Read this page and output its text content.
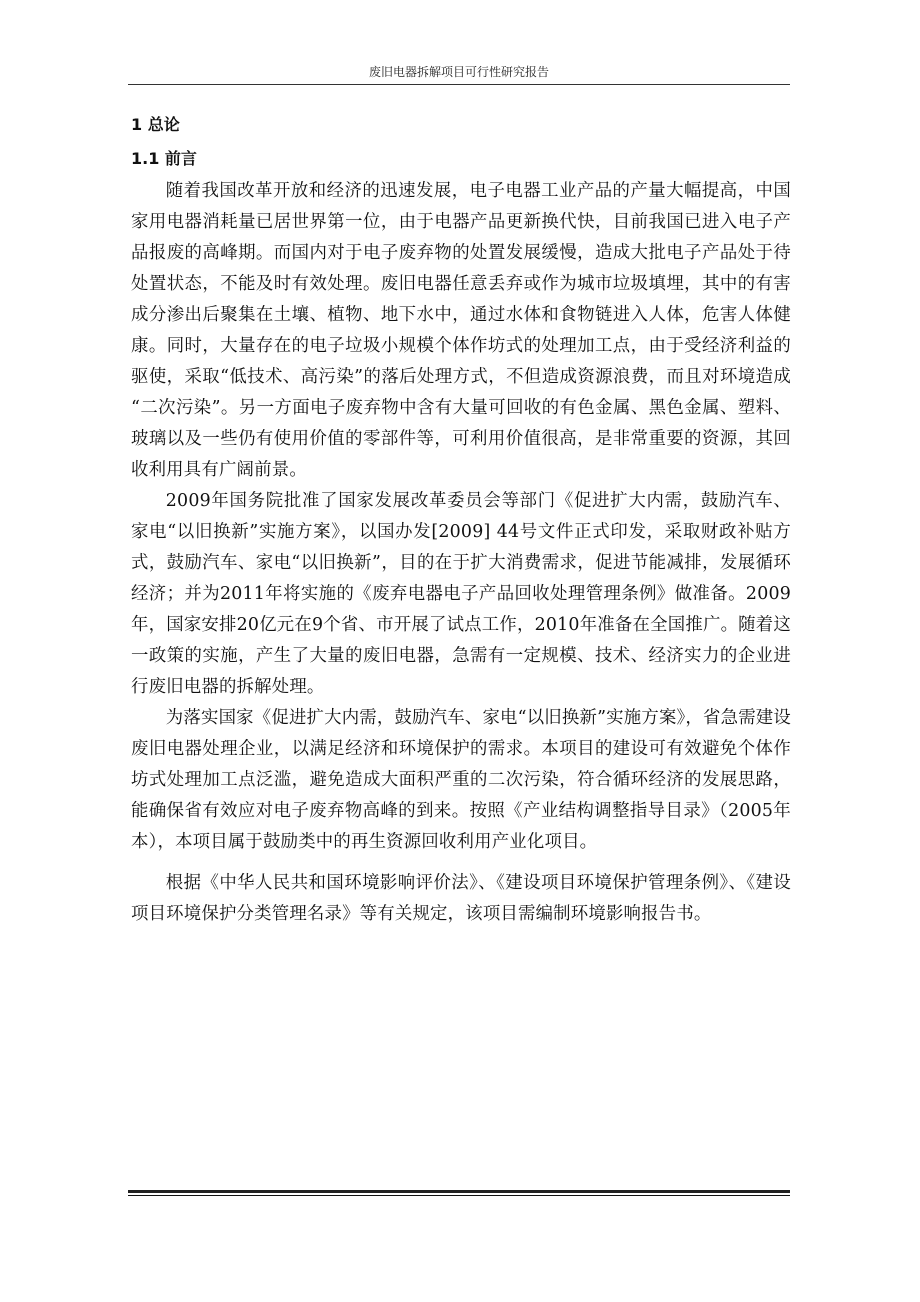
废旧电器拆解项目可行性研究报告

1 总论

1.1 前言

随着我国改革开放和经济的迅速发展，电子电器工业产品的产量大幅提高，中国家用电器消耗量已居世界第一位，由于电器产品更新换代快，目前我国已进入电子产品报废的高峰期。而国内对于电子废弃物的处置发展缓慢，造成大批电子产品处于待处置状态，不能及时有效处理。废旧电器任意丢弃或作为城市垃圾填埋，其中的有害成分渗出后聚集在土壤、植物、地下水中，通过水体和食物链进入人体，危害人体健康。同时，大量存在的电子垃圾小规模个体作坊式的处理加工点，由于受经济利益的驱使，采取“低技术、高污染”的落后处理方式，不但造成资源浪费，而且对环境造成 “二次污染”。另一方面电子废弃物中含有大量可回收的有色金属、黑色金属、塑料、玻璃以及一些仍有使用价值的零部件等，可利用价值很高，是非常重要的资源，其回收利用具有广阔前景。

2009年国务院批准了国家发展改革委员会等部门《促进扩大内需，鼓励汽车、家电“以旧换新”实施方案》，以国办发[2009] 44号文件正式印发，采取财政补贴方式，鼓励汽车、家电“以旧换新”，目的在于扩大消费需求，促进节能减排，发展循环经济；并为2011年将实施的《废弃电器电子产品回收处理管理条例》做准备。2009年，国家安排20亿元在9个省、市开展了试点工作，2010年准备在全国推广。随着这一政策的实施，产生了大量的废旧电器，急需有一定规模、技术、经济实力的企业进行废旧电器的拆解处理。

为落实国家《促进扩大内需，鼓励汽车、家电“以旧换新”实施方案》，省急需建设废旧电器处理企业，以满足经济和环境保护的需求。本项目的建设可有效避免个体作坊式处理加工点泛滥，避免造成大面积严重的二次污染，符合循环经济的发展思路，能确保省有效应对电子废弃物高峰的到来。按照《产业结构调整指导目录》（2005年本），本项目属于鼓励类中的再生资源回收利用产业化项目。

根据《中华人民共和国环境影响评价法》、《建设项目环境保护管理条例》、《建设项目环境保护分类管理名录》等有关规定，该项目需编制环境影响报告书。
